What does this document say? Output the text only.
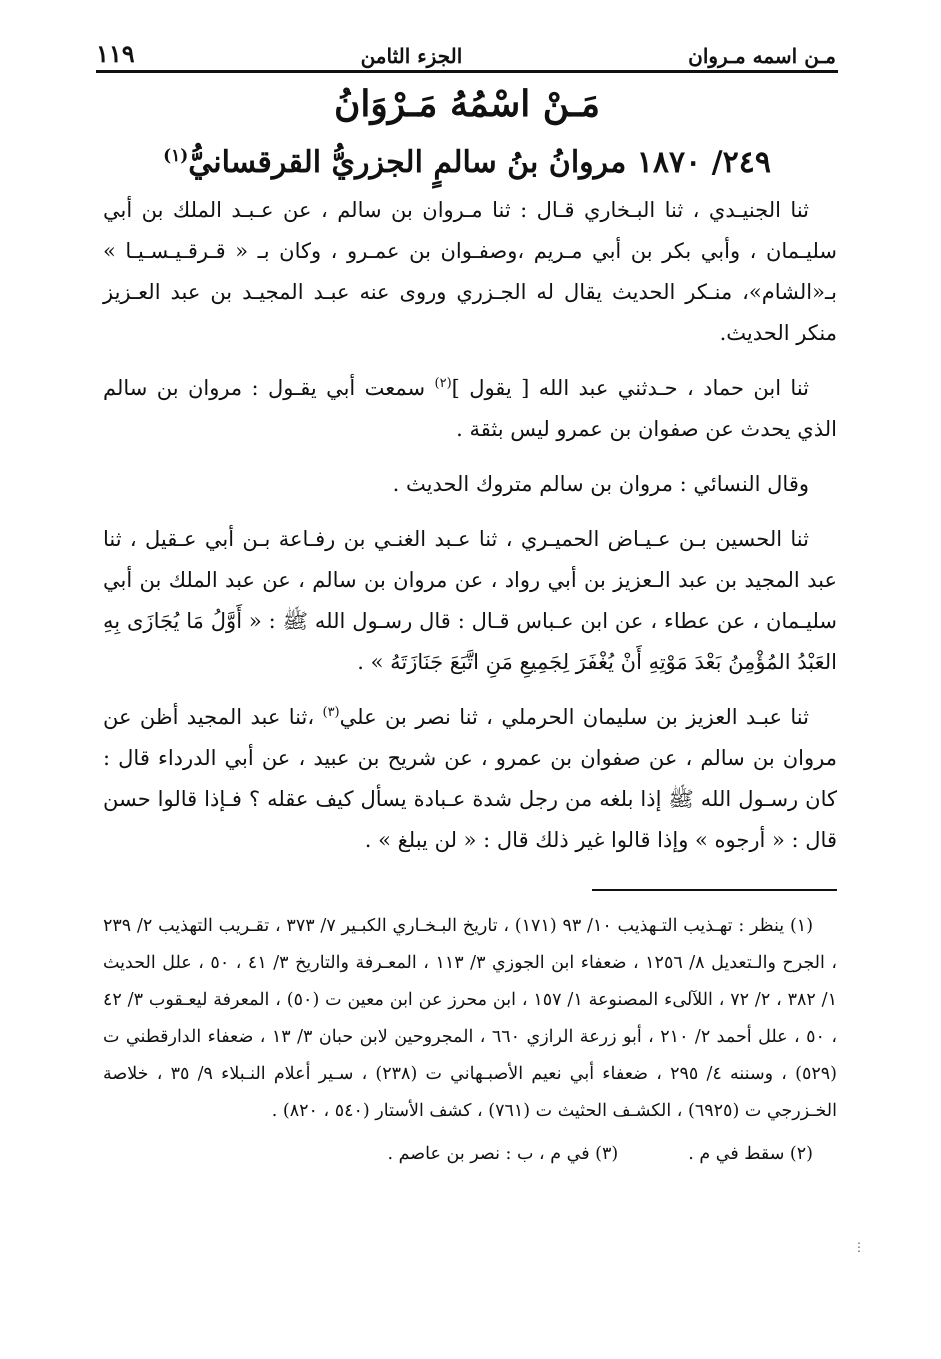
مـن اسمه مـروان
الجزء الثامن
١١٩
مَـنْ اسْمُهُ مَـرْوَانُ
٢٤٩/ ١٨٧٠ مروانُ بنُ سالمٍ الجزريُّ القرقسانيُّ$^{(١)}$

ثنا الجنيـدي ، ثنا البـخاري قـال : ثنا مـروان بن سالم ، عن عـبـد الملك بن أبي سليـمان ، وأبي بكر بن أبي مـريم ،وصفـوان بن عمـرو ، وكان بـ « قـرقـيـسـيـا » بـ«الشام»، منـكر الحديث يقال له الجـزري وروى عنه عبـد المجيـد بن عبد العـزيز منكر الحديث.

ثنا ابن حماد ، حـدثني عبد الله [ يقول ]$^{(٢)}$ سمعت أبي يقـول : مروان بن سالم الذي يحدث عن صفوان بن عمرو ليس بثقة .

وقال النسائي : مروان بن سالم متروك الحديث .

ثنا الحسين بـن عـيـاض الحميـري ، ثنا عـبد الغنـي بن رفـاعة بـن أبي عـقيل ، ثنا عبد المجيد بن عبد الـعزيز بن أبي رواد ، عن مروان بن سالم ، عن عبد الملك بن أبي سليـمان ، عن عطاء ، عن ابن عـباس قـال : قال رسـول الله ﷺ : « أَوَّلُ مَا يُجَازَى بِهِ العَبْدُ المُؤْمِنُ بَعْدَ مَوْتِهِ أَنْ يُغْفَرَ لِجَمِيعِ مَنِ اتَّبَعَ جَنَازَتَهُ » .

ثنا عبـد العزيز بن سليمان الحرملي ، ثنا نصر بن علي$^{(٣)}$ ،ثنا عبد المجيد أظن عن مروان بن سالم ، عن صفوان بن عمرو ، عن شريح بن عبيد ، عن أبي الدرداء قال : كان رسـول الله ﷺ إذا بلغه من رجل شدة عـبادة يسأل كيف عقله ؟ فـإذا قالوا حسن قال : « أرجوه » وإذا قالوا غير ذلك قال : « لن يبلغ » .

(١) ينظر : تهـذيب التـهذيب ١٠/ ٩٣ (١٧١) ، تاريخ البـخـاري الكبـير ٧/ ٣٧٣ ، تقـريب التهذيب ٢/ ٢٣٩ ، الجرح والـتعديل ٨/ ١٢٥٦ ، ضعفاء ابن الجوزي ٣/ ١١٣ ، المعـرفة والتاريخ ٣/ ٤١ ، ٥٠ ، علل الحديث ١/ ٣٨٢ ، ٢/ ٧٢ ، اللآلىء المصنوعة ١/ ١٥٧ ، ابن محرز عن ابن معين ت (٥٠) ، المعرفة ليعـقوب ٣/ ٤٢ ، ٥٠ ، علل أحمد ٢/ ٢١٠ ، أبو زرعة الرازي ٦٦٠ ، المجروحين لابن حبان ٣/ ١٣ ، ضعفاء الدارقطني ت (٥٢٩) ، وسننه ٤/ ٢٩٥ ، ضعفاء أبي نعيم الأصبـهاني ت (٢٣٨) ، سـير أعلام النـبلاء ٩/ ٣٥ ، خلاصة الخـزرجي ت (٦٩٢٥) ، الكشـف الحثيث ت (٧٦١) ، كشف الأستار (٥٤٠ ، ٨٢٠) .

(٢) سقط في م .(٣) في م ، ب : نصر بن عاصم .

⋮
